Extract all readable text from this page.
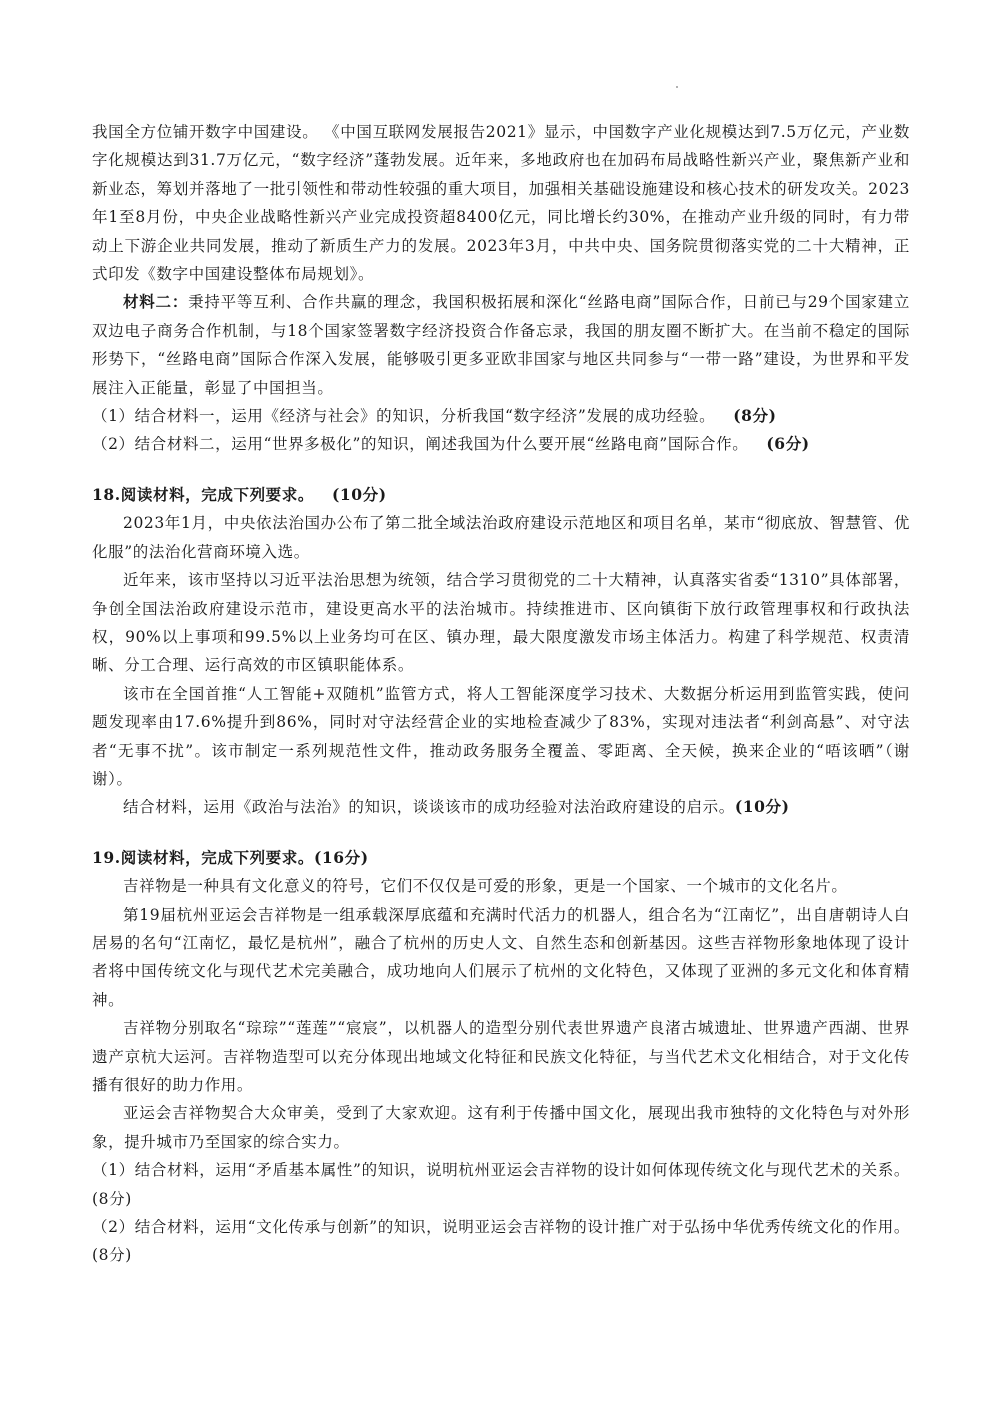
我国全方位铺开数字中国建设。 《中国互联网发展报告2021》显示，中国数字产业化规模达到7.5万亿元，产业数字化规模达到31.7万亿元，“数字经济”蓬勃发展。近年来，多地政府也在加码布局战略性新兴产业，聚焦新产业和新业态，筹划并落地了一批引领性和带动性较强的重大项目，加强相关基础设施建设和核心技术的研发攻关。2023年1至8月份，中央企业战略性新兴产业完成投资超8400亿元，同比增长约30%，在推动产业升级的同时，有力带动上下游企业共同发展，推动了新质生产力的发展。2023年3月，中共中央、国务院贯彻落实党的二十大精神，正式印发《数字中国建设整体布局规划》。

材料二：秉持平等互利、合作共赢的理念，我国积极拓展和深化“丝路电商”国际合作，日前已与29个国家建立双边电子商务合作机制，与18个国家签署数字经济投资合作备忘录，我国的朋友圈不断扩大。在当前不稳定的国际形势下，“丝路电商”国际合作深入发展，能够吸引更多亚欧非国家与地区共同参与“一带一路”建设，为世界和平发展注入正能量，彰显了中国担当。

（1）结合材料一，运用《经济与社会》的知识，分析我国“数字经济”发展的成功经验。 (8分)

（2）结合材料二，运用“世界多极化”的知识，阐述我国为什么要开展“丝路电商”国际合作。 (6分)

18.阅读材料，完成下列要求。 (10分)

2023年1月，中央依法治国办公布了第二批全域法治政府建设示范地区和项目名单，某市“彻底放、智慧管、优化服”的法治化营商环境入选。

近年来，该市坚持以习近平法治思想为统领，结合学习贯彻党的二十大精神，认真落实省委“1310”具体部署，争创全国法治政府建设示范市，建设更高水平的法治城市。持续推进市、区向镇街下放行政管理事权和行政执法权，90%以上事项和99.5%以上业务均可在区、镇办理，最大限度激发市场主体活力。构建了科学规范、权责清晰、分工合理、运行高效的市区镇职能体系。

该市在全国首推“人工智能+双随机”监管方式，将人工智能深度学习技术、大数据分析运用到监管实践，使问题发现率由17.6%提升到86%，同时对守法经营企业的实地检查减少了83%，实现对违法者“利剑高悬”、对守法者“无事不扰”。该市制定一系列规范性文件，推动政务服务全覆盖、零距离、全天候，换来企业的“唔该晒”（谢谢）。

结合材料，运用《政治与法治》的知识，谈谈该市的成功经验对法治政府建设的启示。(10分)

19.阅读材料，完成下列要求。(16分)

吉祥物是一种具有文化意义的符号，它们不仅仅是可爱的形象，更是一个国家、一个城市的文化名片。

第19届杭州亚运会吉祥物是一组承载深厚底蕴和充满时代活力的机器人，组合名为“江南忆”，出自唐朝诗人白居易的名句“江南忆，最忆是杭州”，融合了杭州的历史人文、自然生态和创新基因。这些吉祥物形象地体现了设计者将中国传统文化与现代艺术完美融合，成功地向人们展示了杭州的文化特色，又体现了亚洲的多元文化和体育精神。

吉祥物分别取名“琮琮”“莲莲”“宸宸”，以机器人的造型分别代表世界遗产良渚古城遗址、世界遗产西湖、世界遗产京杭大运河。吉祥物造型可以充分体现出地域文化特征和民族文化特征，与当代艺术文化相结合，对于文化传播有很好的助力作用。

亚运会吉祥物契合大众审美，受到了大家欢迎。这有利于传播中国文化，展现出我市独特的文化特色与对外形象，提升城市乃至国家的综合实力。

（1）结合材料，运用“矛盾基本属性”的知识，说明杭州亚运会吉祥物的设计如何体现传统文化与现代艺术的关系。(8分)

（2）结合材料，运用“文化传承与创新”的知识，说明亚运会吉祥物的设计推广对于弘扬中华优秀传统文化的作用。(8分)
